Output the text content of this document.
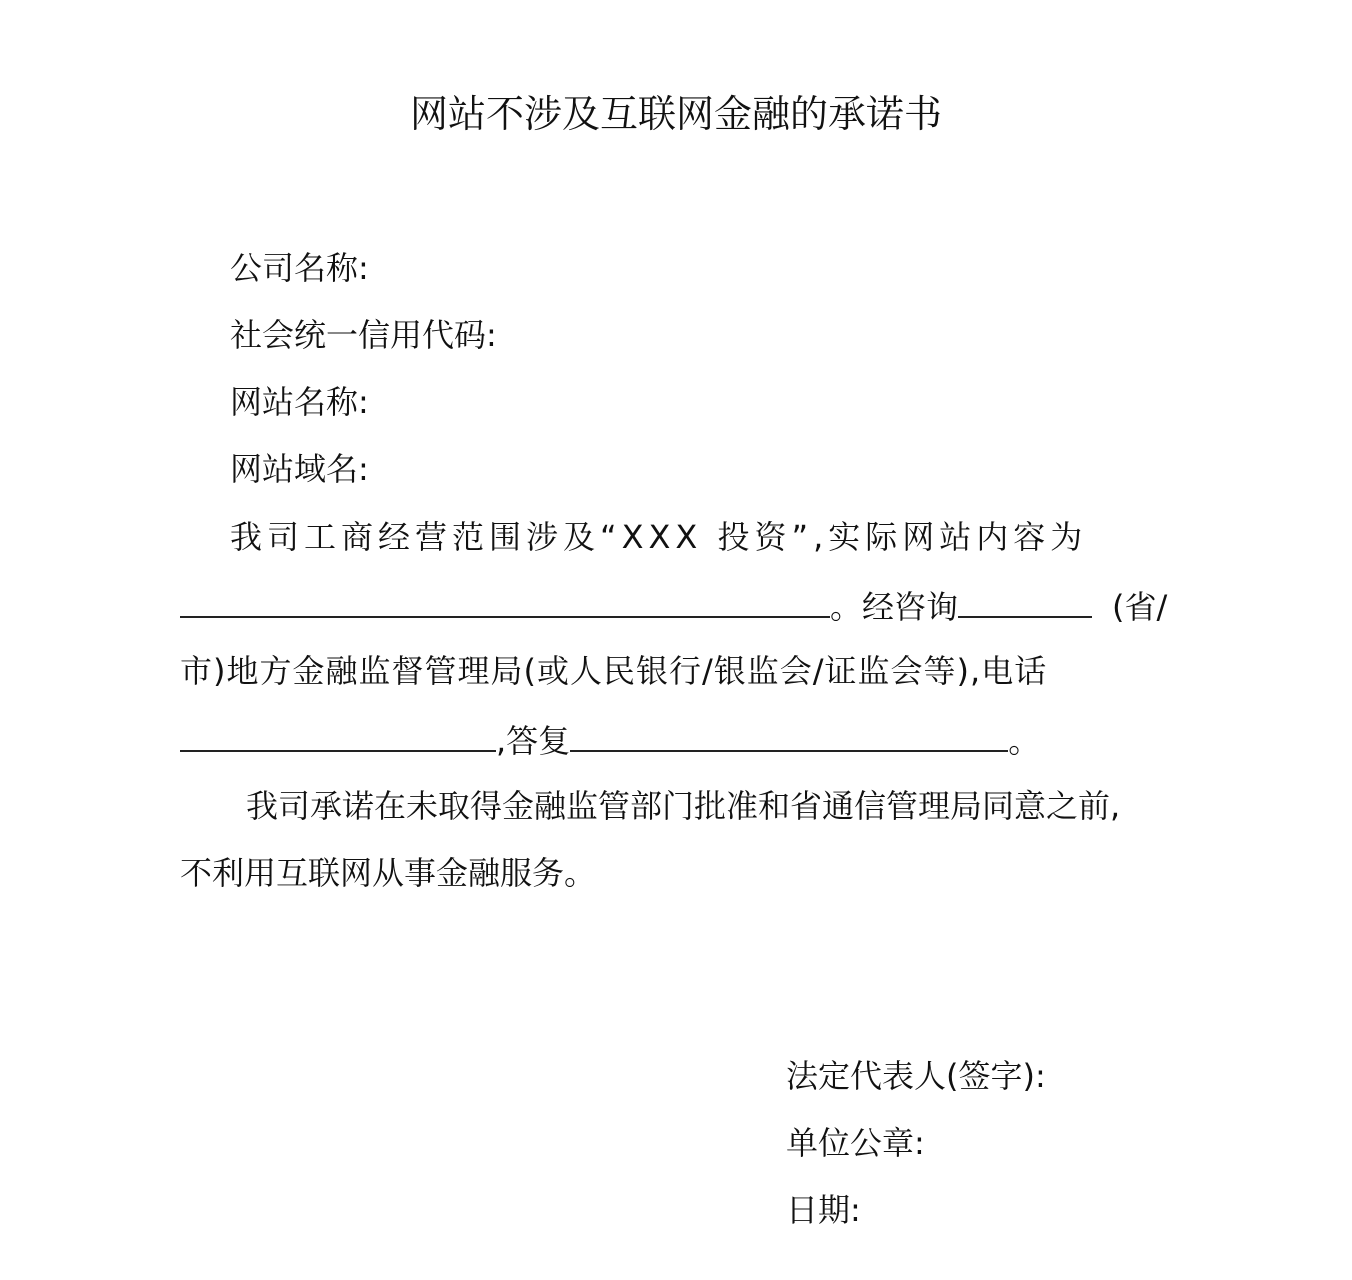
网站不涉及互联网金融的承诺书
公司名称:
社会统一信用代码:
网站名称:
网站域名:
我司工商经营范围涉及“XXX 投资”,实际网站内容为
。经咨询	(省/
市)地方金融监督管理局(或人民银行/银监会/证监会等),电话
,答复	。
我司承诺在未取得金融监管部门批准和省通信管理局同意之前,
不利用互联网从事金融服务。
法定代表人(签字):
单位公章:
日期:
